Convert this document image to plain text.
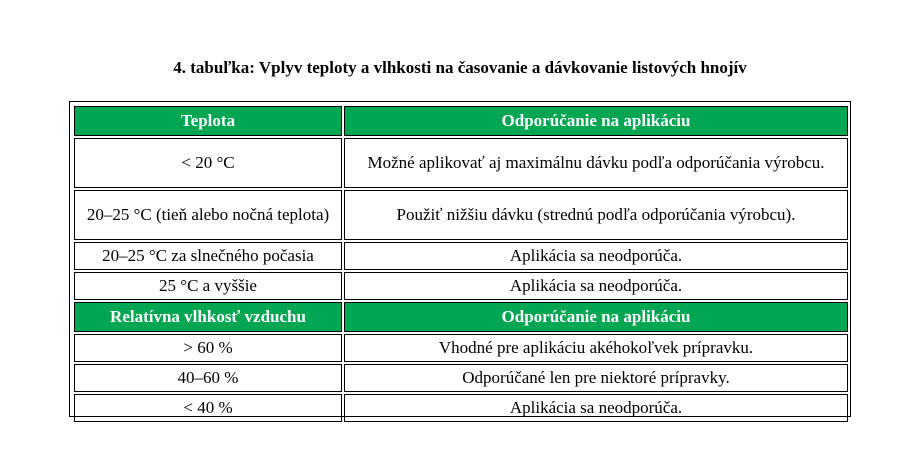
4. tabuľka: Vplyv teploty a vlhkosti na časovanie a dávkovanie listových hnojív
Teplota	Odporúčanie na aplikáciu
< 20 °C	Možné aplikovať aj maximálnu dávku podľa odporúčania výrobcu.
20–25 °C (tieň alebo nočná teplota)	Použiť nižšiu dávku (strednú podľa odporúčania výrobcu).
20–25 °C za slnečného počasia	Aplikácia sa neodporúča.
25 °C a vyššie	Aplikácia sa neodporúča.
Relatívna vlhkosť vzduchu	Odporúčanie na aplikáciu
> 60 %	Vhodné pre aplikáciu akéhokoľvek prípravku.
40–60 %	Odporúčané len pre niektoré prípravky.
< 40 %	Aplikácia sa neodporúča.
